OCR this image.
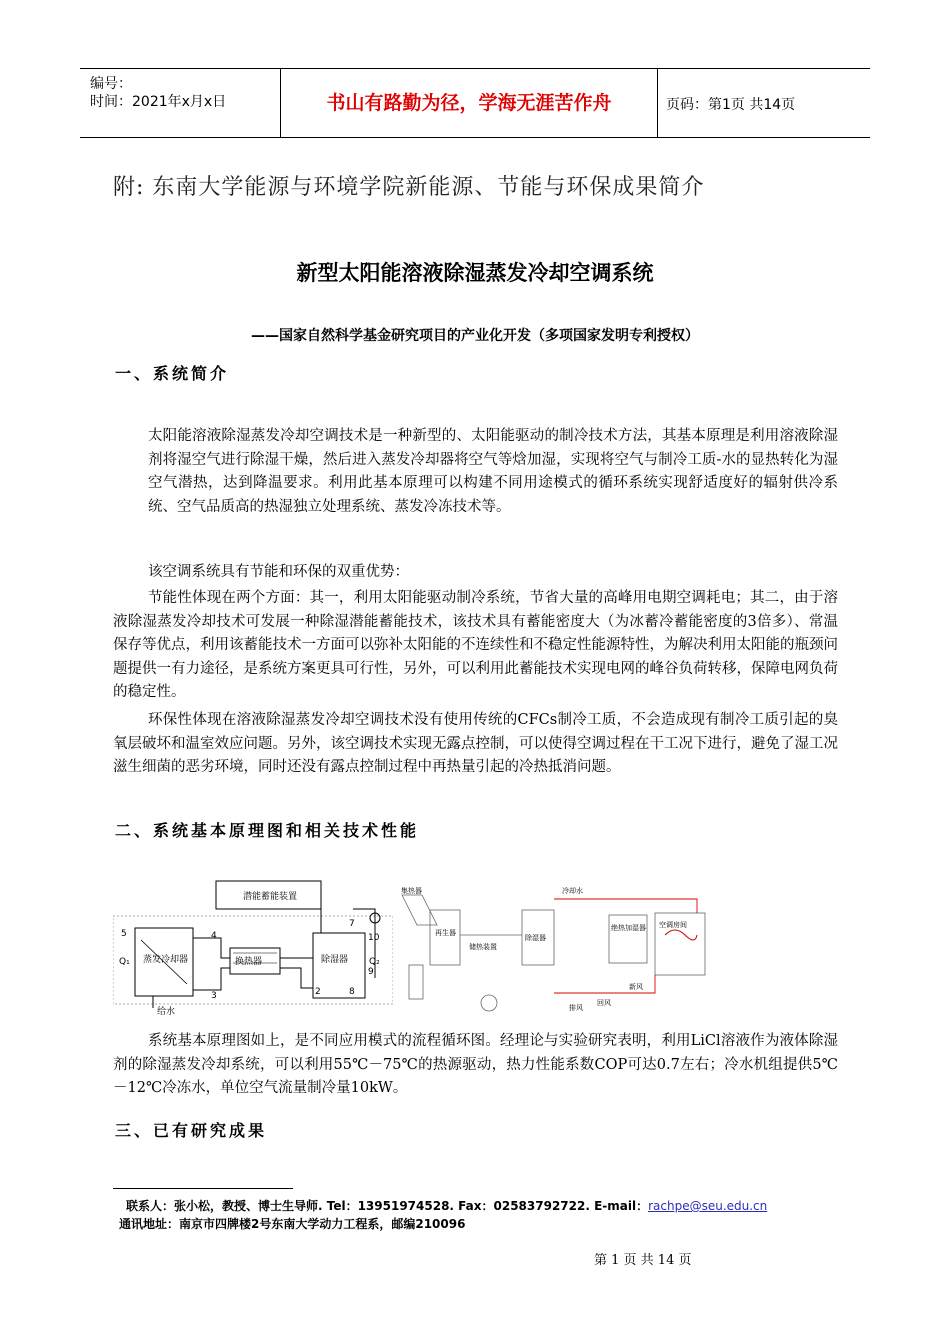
编号：
时间：2021年x月x日	书山有路勤为径，学海无涯苦作舟	页码：第1页 共14页
附: 东南大学能源与环境学院新能源、节能与环保成果简介
新型太阳能溶液除湿蒸发冷却空调系统
——国家自然科学基金研究项目的产业化开发（多项国家发明专利授权）
一、系统简介
太阳能溶液除湿蒸发冷却空调技术是一种新型的、太阳能驱动的制冷技术方法，其基本原理是利用溶液除湿剂将湿空气进行除湿干燥，然后进入蒸发冷却器将空气等焓加湿，实现将空气与制冷工质-水的显热转化为湿空气潜热，达到降温要求。利用此基本原理可以构建不同用途模式的循环系统实现舒适度好的辐射供冷系统、空气品质高的热湿独立处理系统、蒸发冷冻技术等。
该空调系统具有节能和环保的双重优势：
节能性体现在两个方面：其一，利用太阳能驱动制冷系统，节省大量的高峰用电期空调耗电；其二，由于溶液除湿蒸发冷却技术可发展一种除湿潜能蓄能技术，该技术具有蓄能密度大（为冰蓄冷蓄能密度的3倍多）、常温保存等优点，利用该蓄能技术一方面可以弥补太阳能的不连续性和不稳定性能源特性，为解决利用太阳能的瓶颈问题提供一有力途径，是系统方案更具可行性，另外，可以利用此蓄能技术实现电网的峰谷负荷转移，保障电网负荷的稳定性。
环保性体现在溶液除湿蒸发冷却空调技术没有使用传统的CFCs制冷工质，不会造成现有制冷工质引起的臭氧层破坏和温室效应问题。另外，该空调技术实现无露点控制，可以使得空调过程在干工况下进行，避免了湿工况滋生细菌的恶劣环境，同时还没有露点控制过程中再热量引起的冷热抵消问题。
二、系统基本原理图和相关技术性能
潜能蓄能装置
蒸发冷却器	换热器	除湿器
给水
Q₁	Q₂
5	4
3	2	8
7
10
9
再生器
除湿器
绝热加湿器 空调房间
集热器
回风
新风
排风
冷却水
储热装置
系统基本原理图如上，是不同应用模式的流程循环图。经理论与实验研究表明，利用LiCl溶液作为液体除湿剂的除湿蒸发冷却系统，可以利用55℃－75℃的热源驱动，热力性能系数COP可达0.7左右；冷水机组提供5℃－12℃冷冻水，单位空气流量制冷量10kW。
三、已有研究成果
联系人：张小松，教授、博士生导师. Tel：13951974528. Fax：02583792722. E-mail：rachpe@seu.edu.cn
通讯地址：南京市四牌楼2号东南大学动力工程系，邮编210096
第 1 页 共 14 页
